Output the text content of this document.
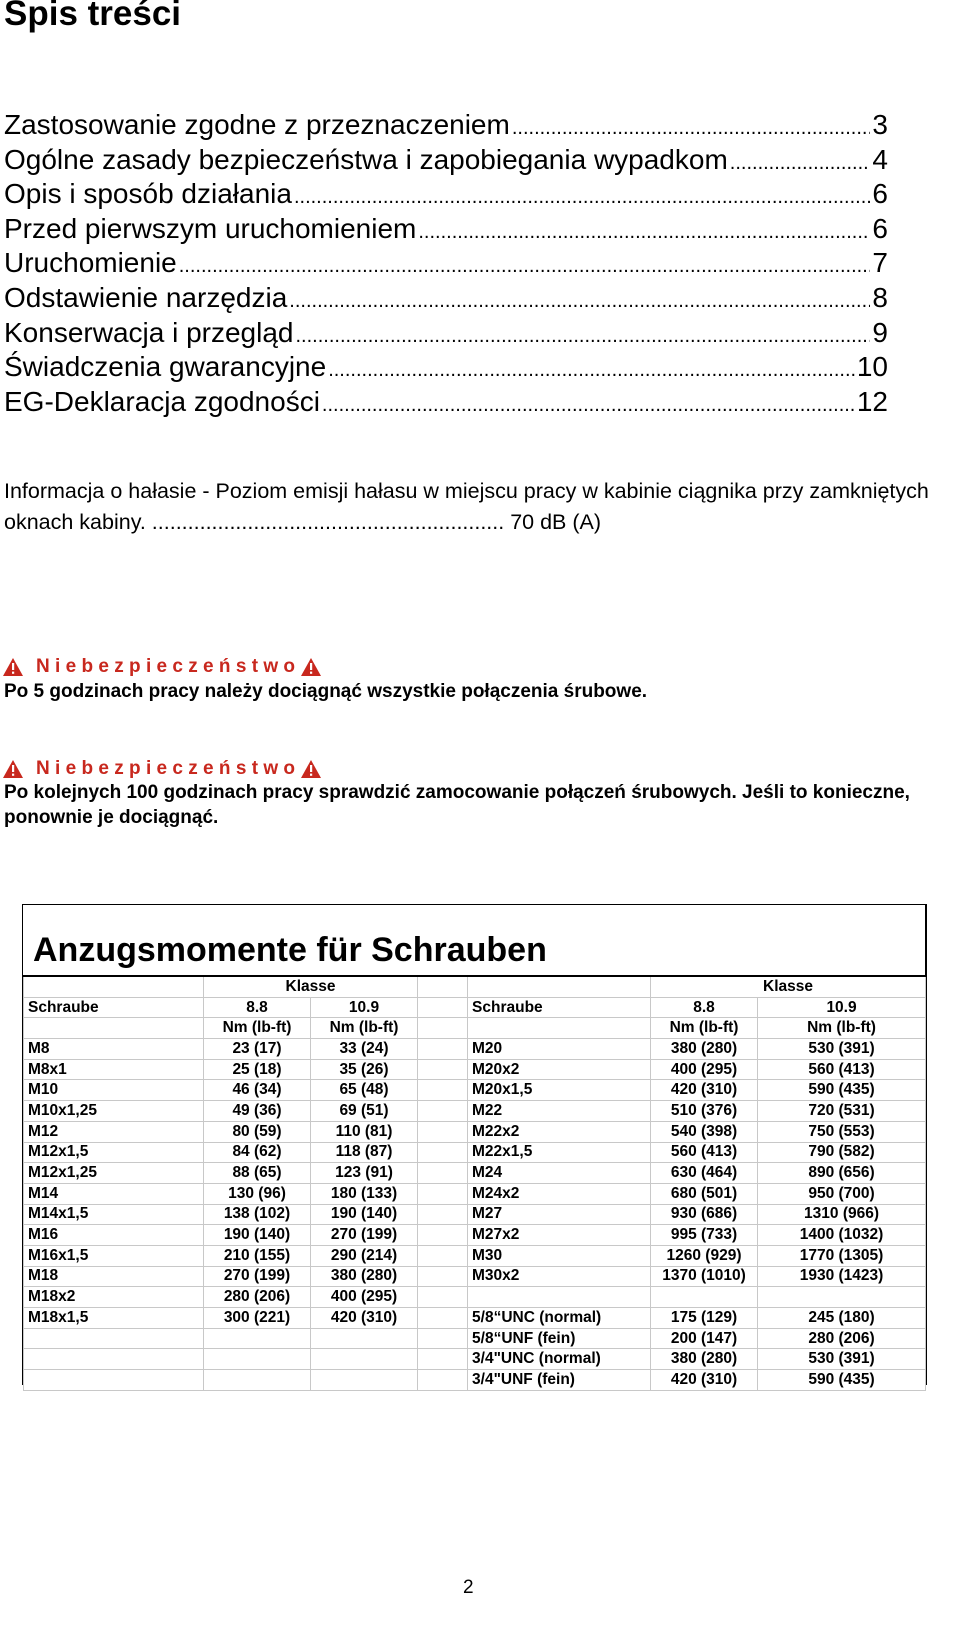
Spis treści
Zastosowanie zgodne z przeznaczeniem .....	3
Ogólne zasady bezpieczeństwa i zapobiegania wypadkom .....	4
Opis i sposób działania .....	6
Przed pierwszym uruchomieniem .....	6
Uruchomienie .....	7
Odstawienie narzędzia .....	8
Konserwacja i przegląd .....	9
Świadczenia gwarancyjne .....	10
EG-Deklaracja zgodności .....	12
Informacja o hałasie - Poziom emisji hałasu w miejscu pracy w kabinie ciągnika przy zamkniętych oknach kabiny. ........................................................... 70 dB (A)
Niebezpieczeństwo
Po 5 godzinach pracy należy dociągnąć wszystkie połączenia śrubowe.
Niebezpieczeństwo
Po kolejnych 100 godzinach pracy sprawdzić zamocowanie połączeń śrubowych. Jeśli to konieczne, ponownie je dociągnąć.
Anzugsmomente für Schrauben
	Klasse				Klasse	
Schraube	8.8	10.9		Schraube	8.8	10.9
	Nm (lb-ft)	Nm (lb-ft)			Nm (lb-ft)	Nm (lb-ft)
M8	23 (17)	33 (24)		M20	380 (280)	530 (391)
M8x1	25 (18)	35 (26)		M20x2	400 (295)	560 (413)
M10	46 (34)	65 (48)		M20x1,5	420 (310)	590 (435)
M10x1,25	49 (36)	69 (51)		M22	510 (376)	720 (531)
M12	80 (59)	110 (81)		M22x2	540 (398)	750 (553)
M12x1,5	84 (62)	118 (87)		M22x1,5	560 (413)	790 (582)
M12x1,25	88 (65)	123 (91)		M24	630 (464)	890 (656)
M14	130 (96)	180 (133)		M24x2	680 (501)	950 (700)
M14x1,5	138 (102)	190 (140)		M27	930 (686)	1310 (966)
M16	190 (140)	270 (199)		M27x2	995 (733)	1400 (1032)
M16x1,5	210 (155)	290 (214)		M30	1260 (929)	1770 (1305)
M18	270 (199)	380 (280)		M30x2	1370 (1010)	1930 (1423)
M18x2	280 (206)	400 (295)				
M18x1,5	300 (221)	420 (310)		5/8“UNC (normal)	175 (129)	245 (180)
				5/8“UNF (fein)	200 (147)	280 (206)
				3/4"UNC (normal)	380 (280)	530 (391)
				3/4"UNF (fein)	420 (310)	590 (435)
2
